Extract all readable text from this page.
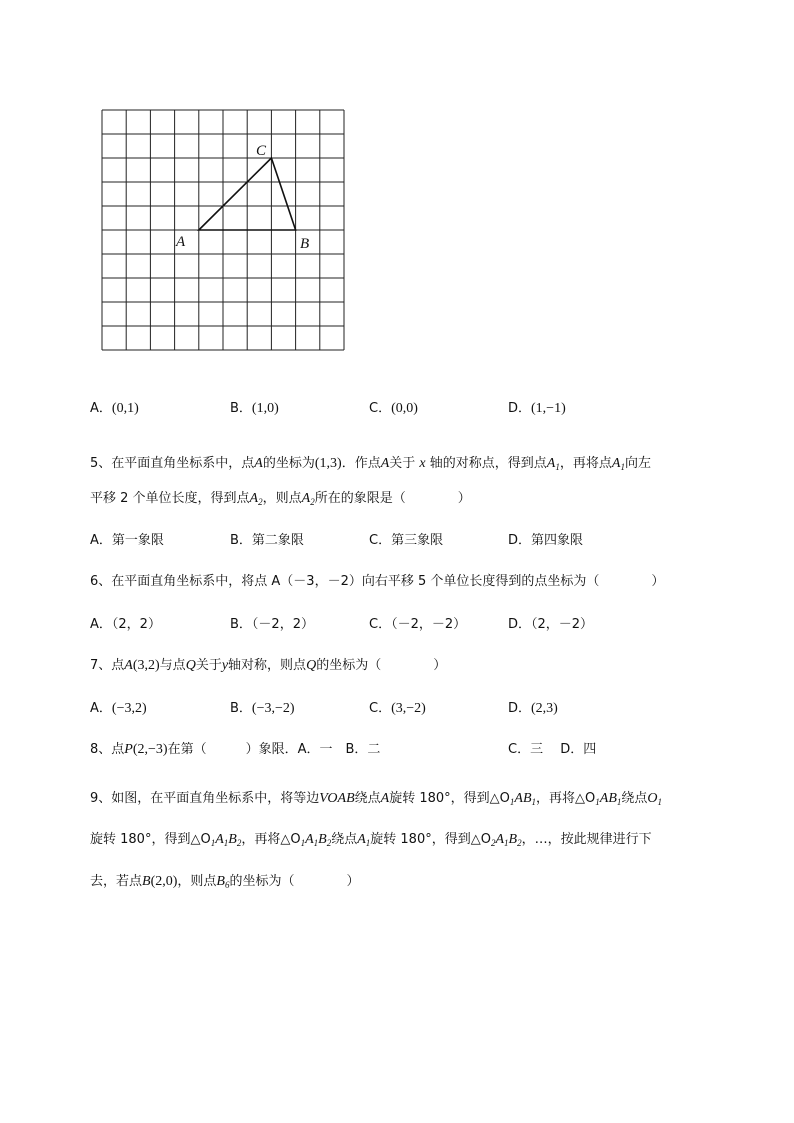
A	B
C
A．(0,1)	B．(1,0)	C．(0,0)	D．(1,−1)
5、在平面直角坐标系中，点A的坐标为(1,3)．作点A关于 x 轴的对称点，得到点$A_1$，再将点$A_1$向左
平移 2 个单位长度，得到点$A_2$，则点$A_2$所在的象限是（　　　　）
A．第一象限	B．第二象限	C．第三象限	D．第四象限
6、在平面直角坐标系中，将点 A（－3，－2）向右平移 5 个单位长度得到的点坐标为（　　　　）
A．（2，2）	B．（－2，2）	C．（－2，－2）	D．（2，－2）
7、点A(3,2)与点Q关于y轴对称，则点Q的坐标为（　　　　）
A．(−3,2)	B．(−3,−2)	C．(3,−2)	D．(2,3)
8、点P(2,−3)在第（　　　）象限．A．一　B．二	C．三　 D．四
9、如图，在平面直角坐标系中，将等边VOAB绕点A旋转 180°，得到$\triangle O_1AB_1$，再将$\triangle O_1AB_1$绕点$O_1$
旋转 180°，得到$\triangle O_1A_1B_2$，再将$\triangle O_1A_1B_2$绕点$A_1$旋转 180°，得到$\triangle O_2A_1B_2$，…，按此规律进行下
去，若点B(2,0)，则点$B_6$的坐标为（　　　　）
